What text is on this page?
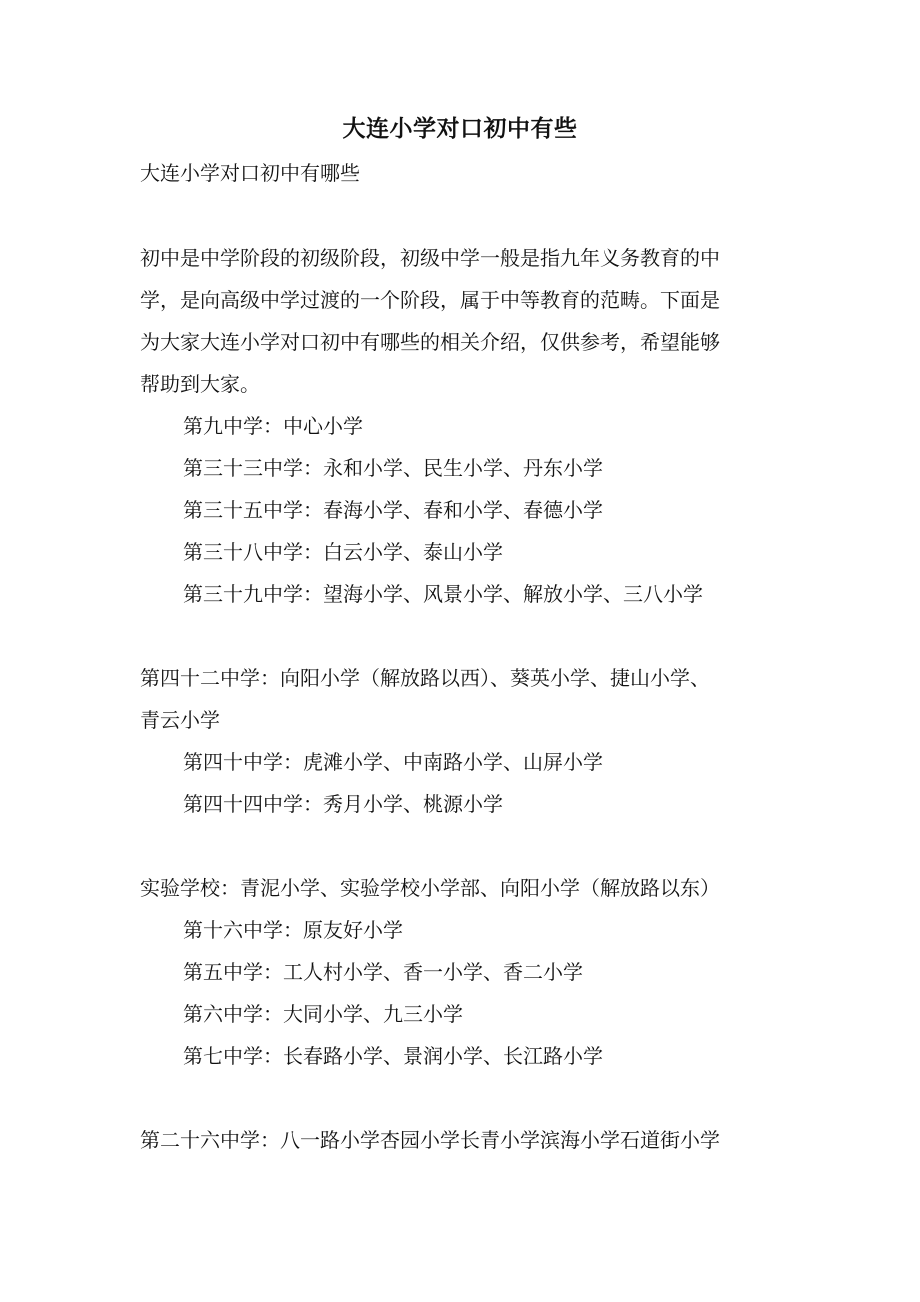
大连小学对口初中有些
大连小学对口初中有哪些
初中是中学阶段的初级阶段，初级中学一般是指九年义务教育的中
学，是向高级中学过渡的一个阶段，属于中等教育的范畴。下面是
为大家大连小学对口初中有哪些的相关介绍，仅供参考，希望能够
帮助到大家。
第九中学：中心小学
第三十三中学：永和小学、民生小学、丹东小学
第三十五中学：春海小学、春和小学、春德小学
第三十八中学：白云小学、泰山小学
第三十九中学：望海小学、风景小学、解放小学、三八小学
第四十二中学：向阳小学（解放路以西）、葵英小学、捷山小学、
青云小学
第四十中学：虎滩小学、中南路小学、山屏小学
第四十四中学：秀月小学、桃源小学
实验学校：青泥小学、实验学校小学部、向阳小学（解放路以东）
第十六中学：原友好小学
第五中学：工人村小学、香一小学、香二小学
第六中学：大同小学、九三小学
第七中学：长春路小学、景润小学、长江路小学
第二十六中学：八一路小学杏园小学长青小学滨海小学石道街小学
